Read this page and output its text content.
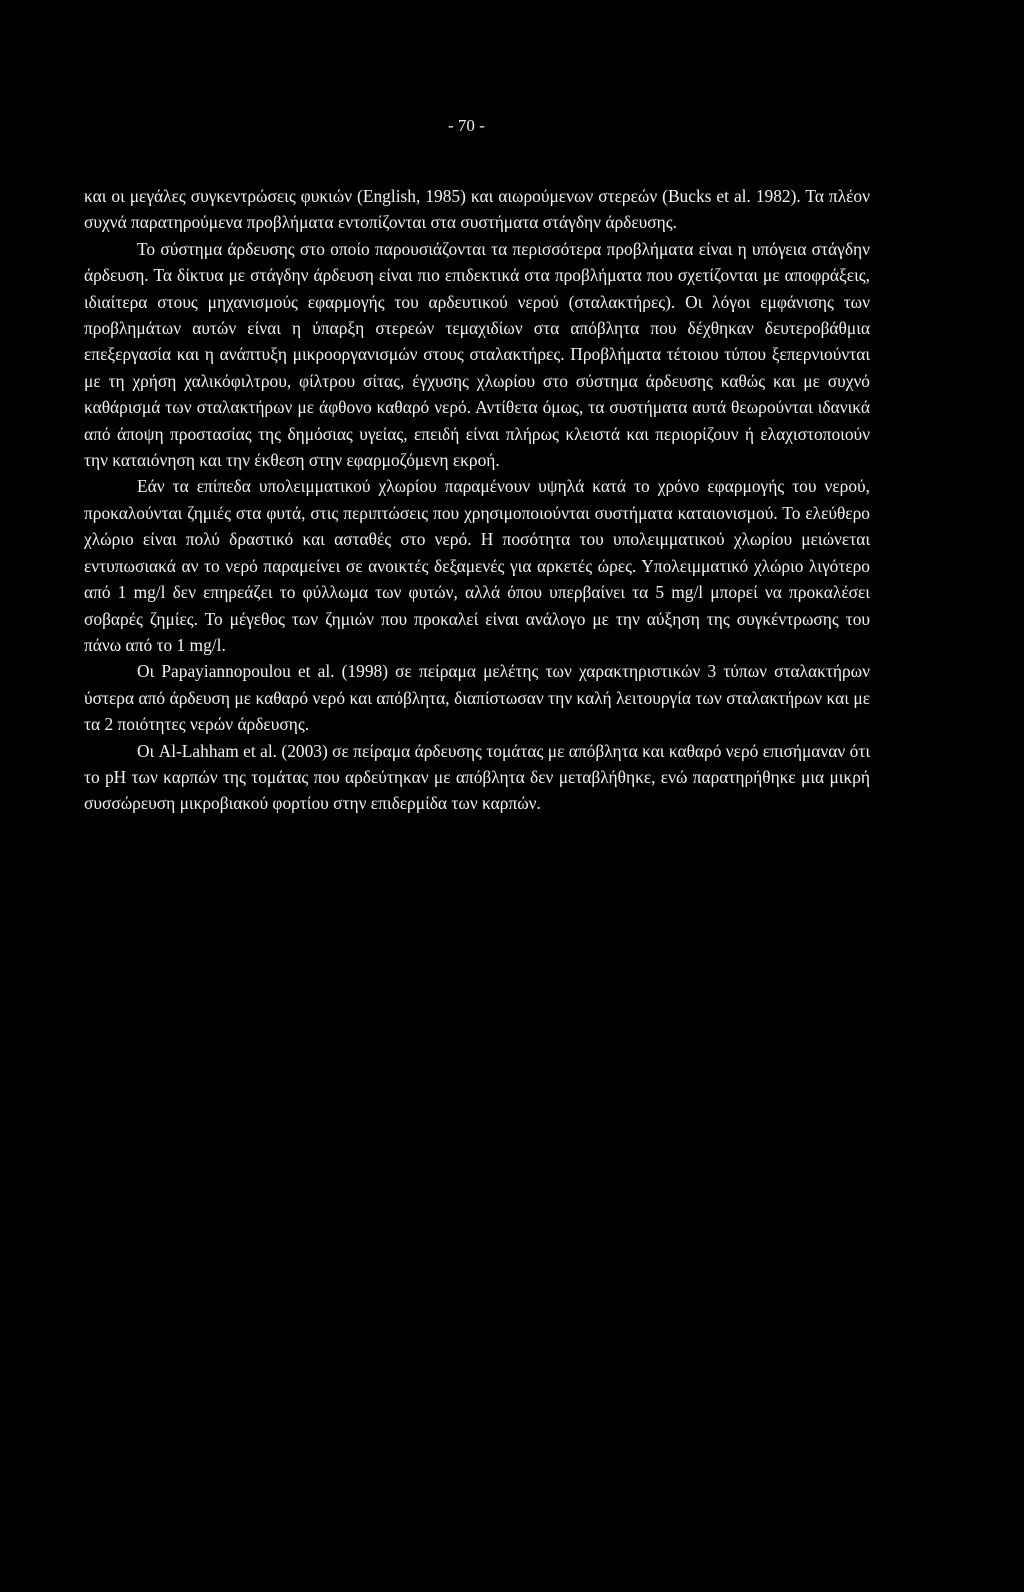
- 70 -

και οι μεγάλες συγκεντρώσεις φυκιών (English, 1985) και αιωρούμενων στερεών (Bucks et al. 1982). Τα πλέον συχνά παρατηρούμενα προβλήματα εντοπίζονται στα συστήματα στάγδην άρδευσης.

Το σύστημα άρδευσης στο οποίο παρουσιάζονται τα περισσότερα προβλήματα είναι η υπόγεια στάγδην άρδευση. Τα δίκτυα με στάγδην άρδευση είναι πιο επιδεκτικά στα προβλήματα που σχετίζονται με αποφράξεις, ιδιαίτερα στους μηχανισμούς εφαρμογής του αρδευτικού νερού (σταλακτήρες). Οι λόγοι εμφάνισης των προβλημάτων αυτών είναι η ύπαρξη στερεών τεμαχιδίων στα απόβλητα που δέχθηκαν δευτεροβάθμια επεξεργασία και η ανάπτυξη μικροοργανισμών στους σταλακτήρες. Προβλήματα τέτοιου τύπου ξεπερνιούνται με τη χρήση χαλικόφιλτρου, φίλτρου σίτας, έγχυσης χλωρίου στο σύστημα άρδευσης καθώς και με συχνό καθάρισμά των σταλακτήρων με άφθονο καθαρό νερό. Αντίθετα όμως, τα συστήματα αυτά θεωρούνται ιδανικά από άποψη προστασίας της δημόσιας υγείας, επειδή είναι πλήρως κλειστά και περιορίζουν ή ελαχιστοποιούν την καταιόνηση και την έκθεση στην εφαρμοζόμενη εκροή.

Εάν τα επίπεδα υπολειμματικού χλωρίου παραμένουν υψηλά κατά το χρόνο εφαρμογής του νερού, προκαλούνται ζημιές στα φυτά, στις περιπτώσεις που χρησιμοποιούνται συστήματα καταιονισμού. Το ελεύθερο χλώριο είναι πολύ δραστικό και ασταθές στο νερό. Η ποσότητα του υπολειμματικού χλωρίου μειώνεται εντυπωσιακά αν το νερό παραμείνει σε ανοικτές δεξαμενές για αρκετές ώρες. Υπολειμματικό χλώριο λιγότερο από 1 mg/l δεν επηρεάζει το φύλλωμα των φυτών, αλλά όπου υπερβαίνει τα 5 mg/l μπορεί να προκαλέσει σοβαρές ζημίες. Το μέγεθος των ζημιών που προκαλεί είναι ανάλογο με την αύξηση της συγκέντρωσης του πάνω από το 1 mg/l.

Οι Papayiannopoulou et al. (1998) σε πείραμα μελέτης των χαρακτηριστικών 3 τύπων σταλακτήρων ύστερα από άρδευση με καθαρό νερό και απόβλητα, διαπίστωσαν την καλή λειτουργία των σταλακτήρων και με τα 2 ποιότητες νερών άρδευσης.

Οι Al-Lahham et al. (2003) σε πείραμα άρδευσης τομάτας με απόβλητα και καθαρό νερό επισήμαναν ότι το pH των καρπών της τομάτας που αρδεύτηκαν με απόβλητα δεν μεταβλήθηκε, ενώ παρατηρήθηκε μια μικρή συσσώρευση μικροβιακού φορτίου στην επιδερμίδα των καρπών.
